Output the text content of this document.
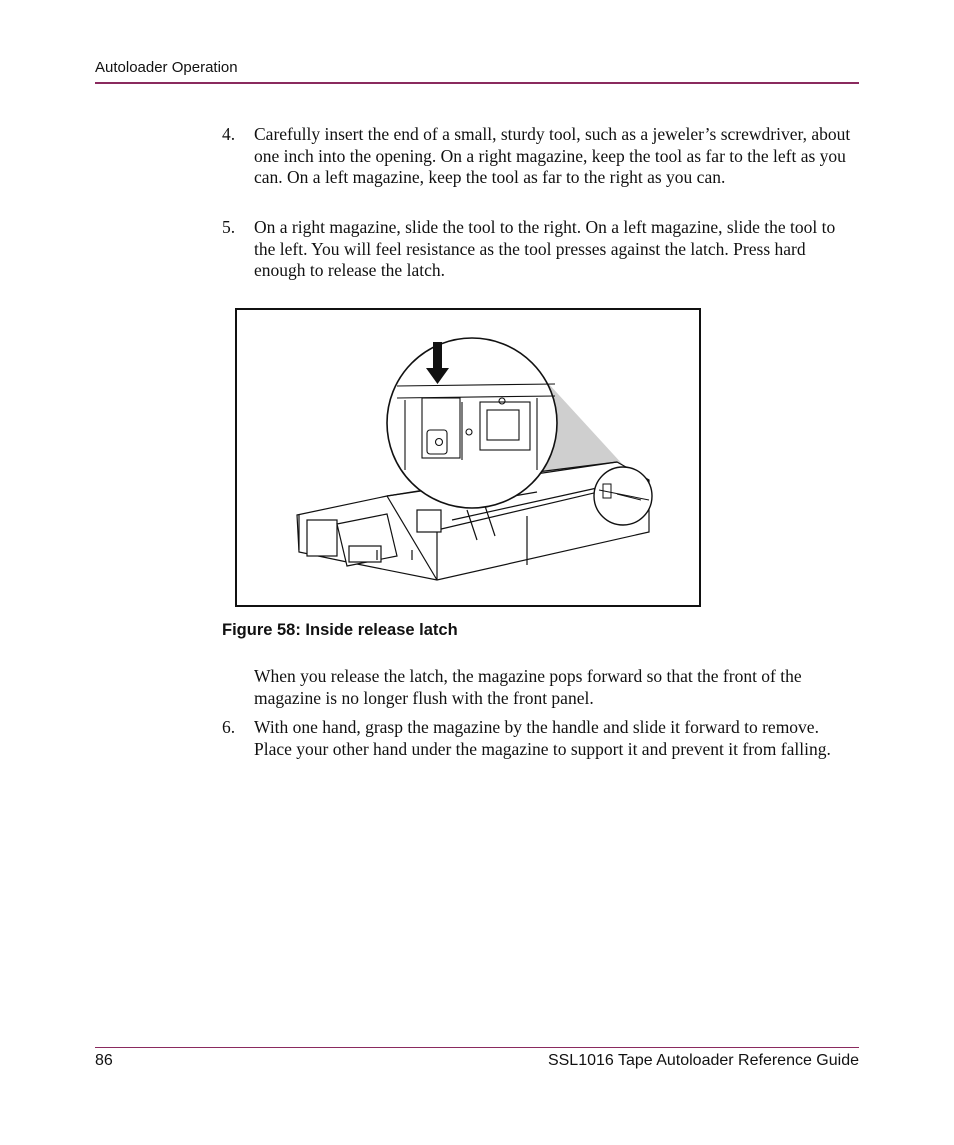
Autoloader Operation
4.	Carefully insert the end of a small, sturdy tool, such as a jeweler’s screwdriver, about one inch into the opening. On a right magazine, keep the tool as far to the left as you can. On a left magazine, keep the tool as far to the right as you can.
5.	On a right magazine, slide the tool to the right. On a left magazine, slide the tool to the left. You will feel resistance as the tool presses against the latch. Press hard enough to release the latch.
Figure 58: Inside release latch
When you release the latch, the magazine pops forward so that the front of the magazine is no longer flush with the front panel.
6.	With one hand, grasp the magazine by the handle and slide it forward to remove. Place your other hand under the magazine to support it and prevent it from falling.
86	SSL1016 Tape Autoloader Reference Guide
